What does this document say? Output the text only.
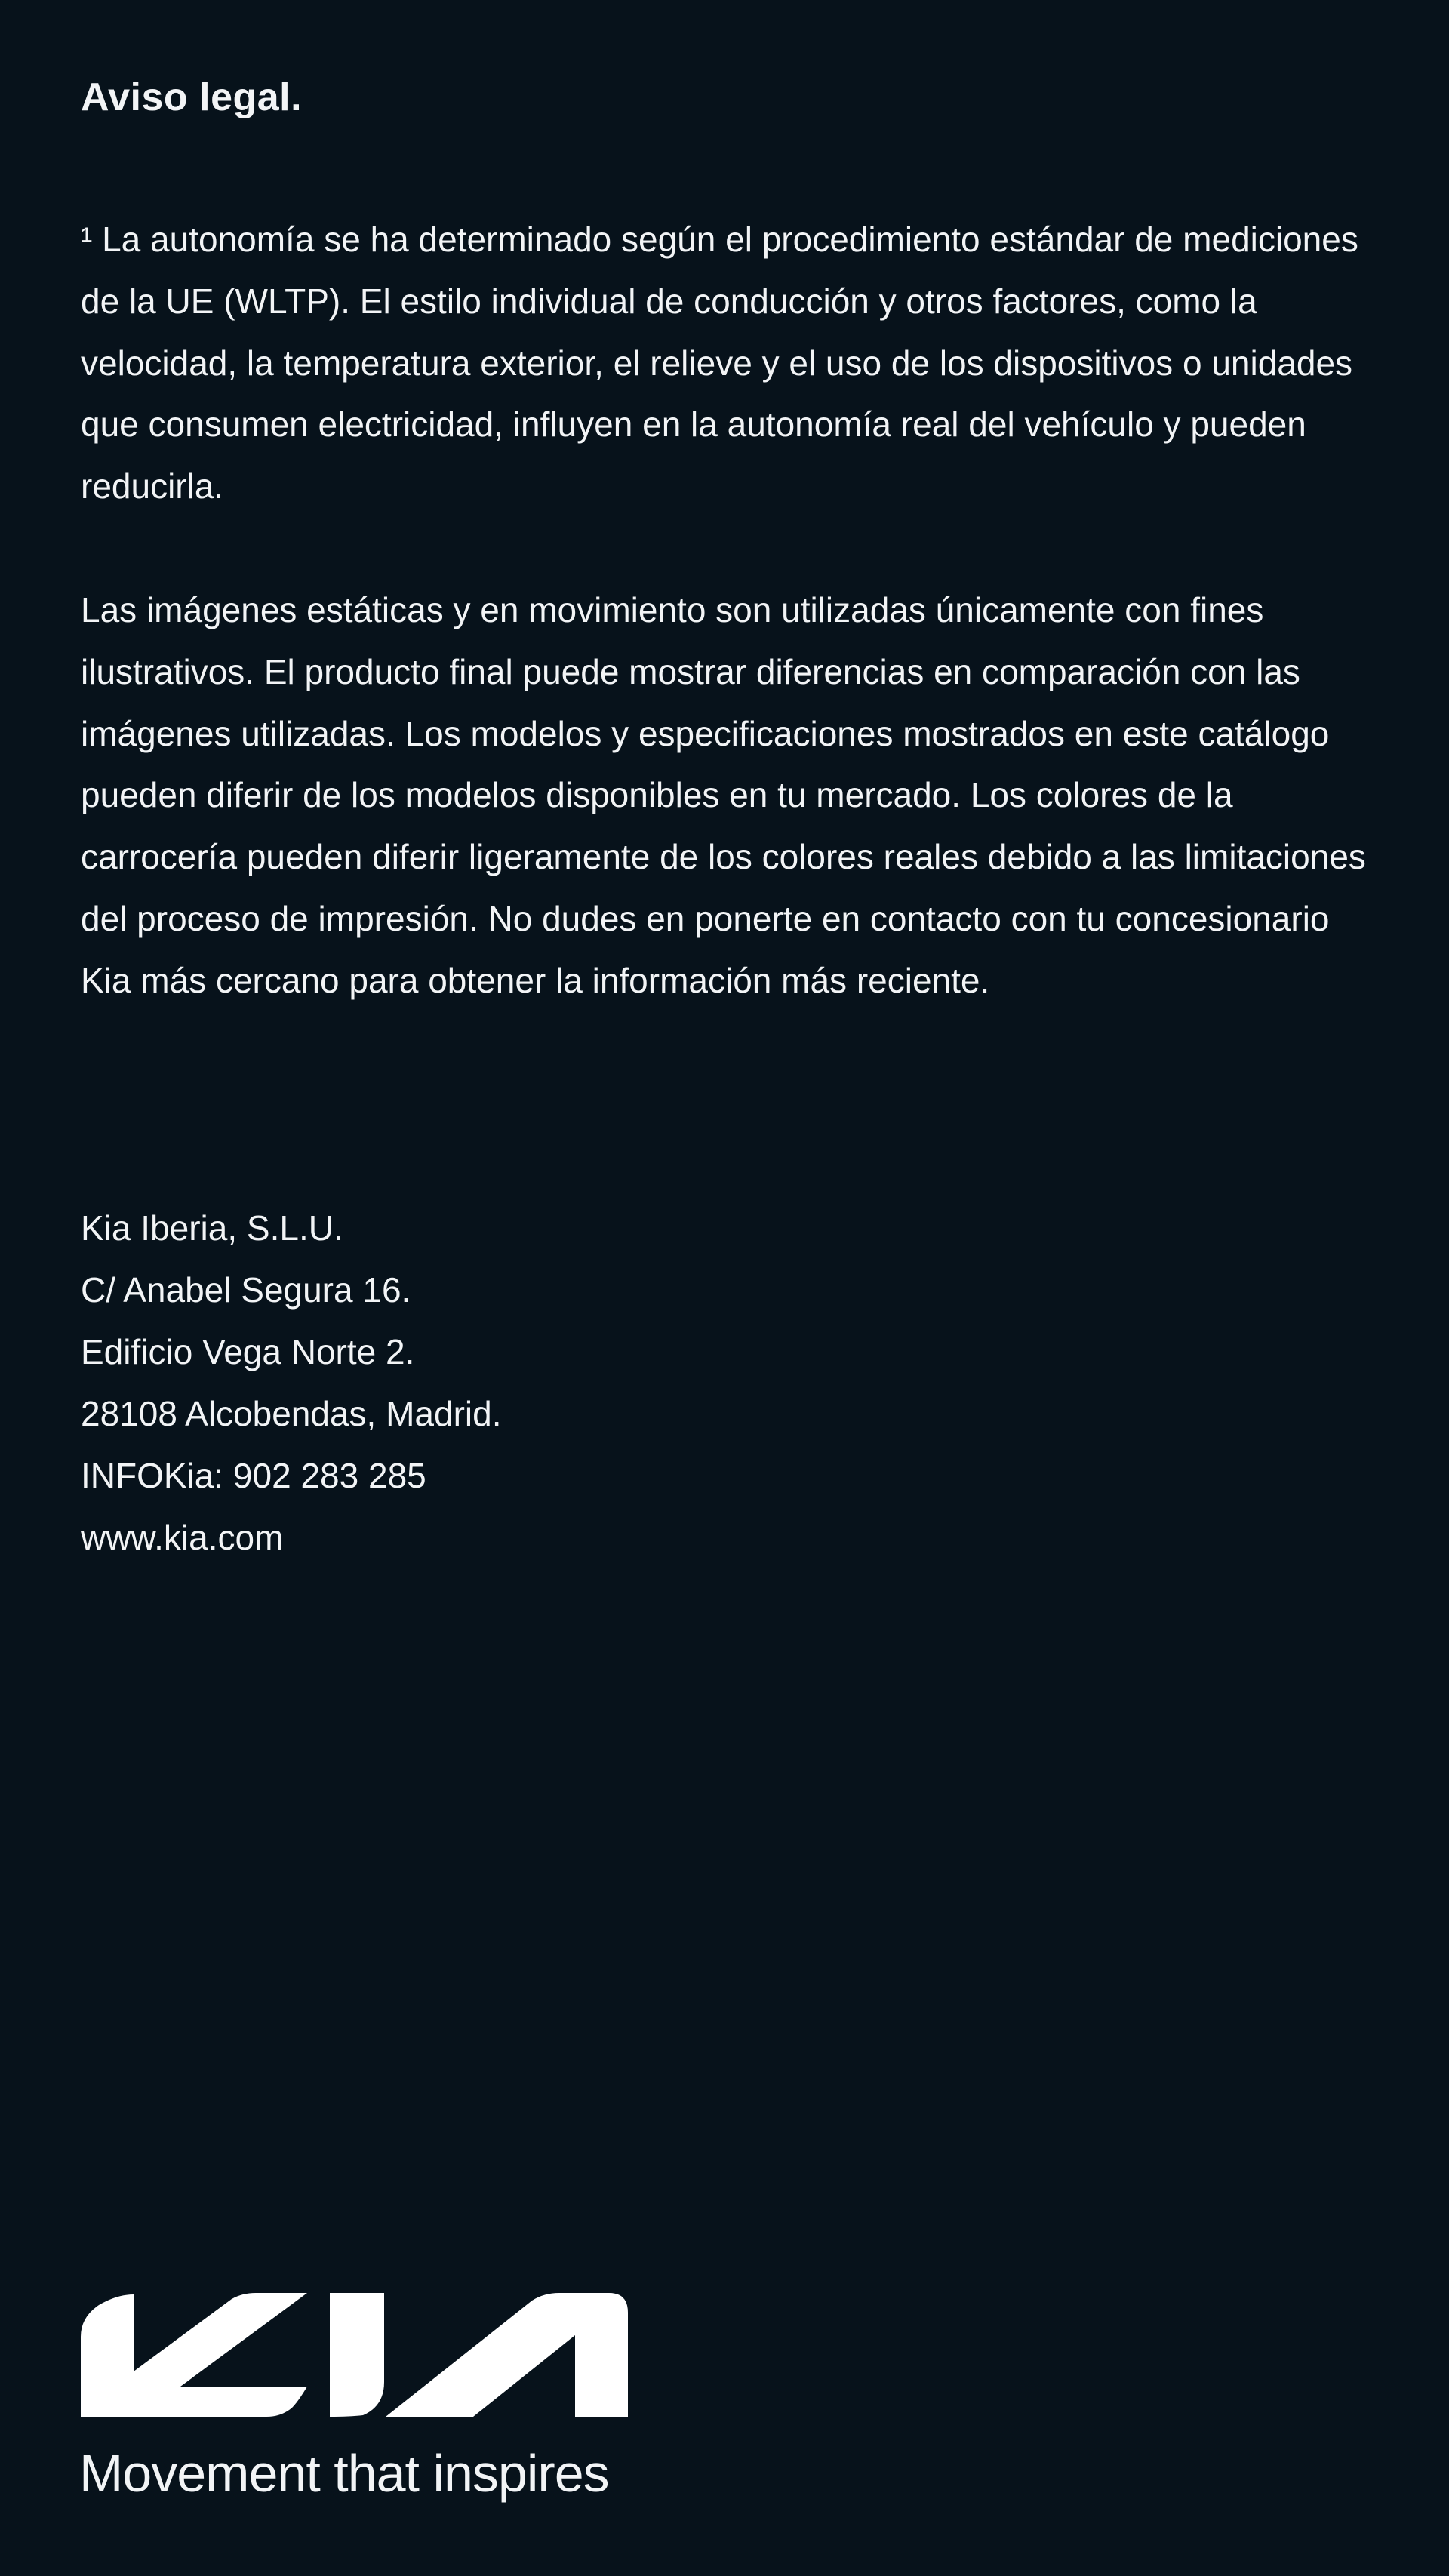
Aviso legal.

¹ La autonomía se ha determinado según el procedimiento estándar de mediciones de la UE (WLTP). El estilo individual de conducción y otros factores, como la velocidad, la temperatura exterior, el relieve y el uso de los dispositivos o unidades que consumen electricidad, influyen en la autonomía real del vehículo y pueden reducirla.

Las imágenes estáticas y en movimiento son utilizadas únicamente con fines ilustrativos. El producto final puede mostrar diferencias en comparación con las imágenes utilizadas. Los modelos y especificaciones mostrados en este catálogo pueden diferir de los modelos disponibles en tu mercado. Los colores de la carrocería pueden diferir ligeramente de los colores reales debido a las limitaciones del proceso de impresión. No dudes en ponerte en contacto con tu concesionario Kia más cercano para obtener la información más reciente.

Kia Iberia, S.L.U.
C/ Anabel Segura 16.
Edificio Vega Norte 2.
28108 Alcobendas, Madrid.
INFOKia: 902 283 285
www.kia.com

Movement that inspires
